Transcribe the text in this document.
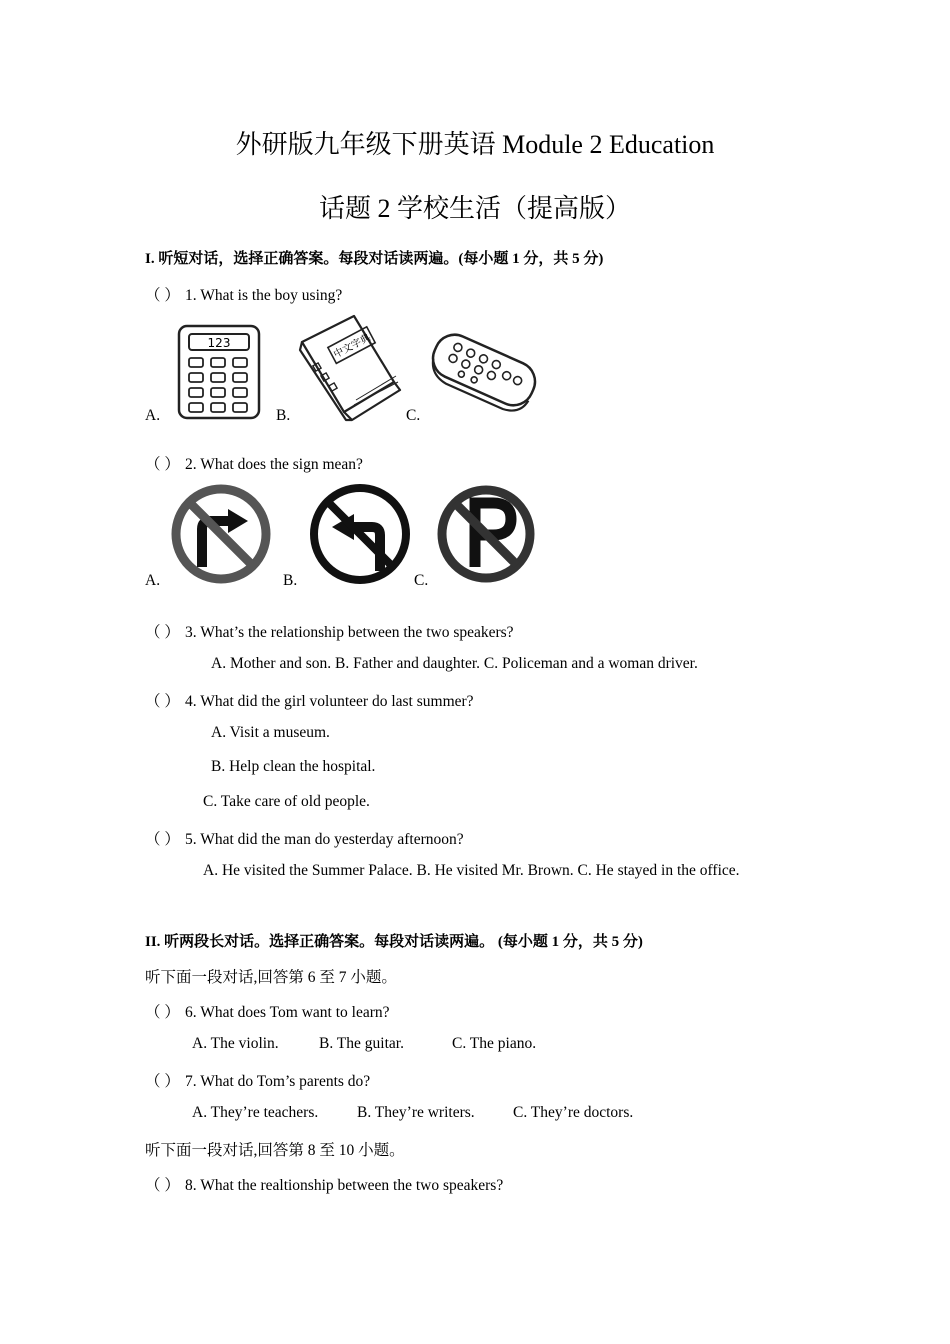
外研版九年级下册英语 Module 2 Education
话题 2 学校生活（提高版）
I. 听短对话，选择正确答案。每段对话读两遍。(每小题 1 分，共 5 分)
（ ） 1. What is the boy using?
A.	B.	C.
123	中文字典
（ ） 2. What does the sign mean?
A.	B.	C.
（ ） 3. What’s the relationship between the two speakers?
A. Mother and son. B. Father and daughter. C. Policeman and a woman driver.
（ ） 4. What did the girl volunteer do last summer?
A. Visit a museum.
B. Help clean the hospital.
C. Take care of old people.
（ ） 5. What did the man do yesterday afternoon?
A. He visited the Summer Palace. B. He visited Mr. Brown. C. He stayed in the office.
II. 听两段长对话。选择正确答案。每段对话读两遍。 (每小题 1 分，共 5 分)
听下面一段对话,回答第 6 至 7 小题。
（ ） 6. What does Tom want to learn?
A. The violin.	B. The guitar.	C. The piano.
（ ） 7. What do Tom’s parents do?
A. They’re teachers.	B. They’re writers. C. They’re doctors.
听下面一段对话,回答第 8 至 10 小题。
（ ） 8. What the realtionship between the two speakers?
